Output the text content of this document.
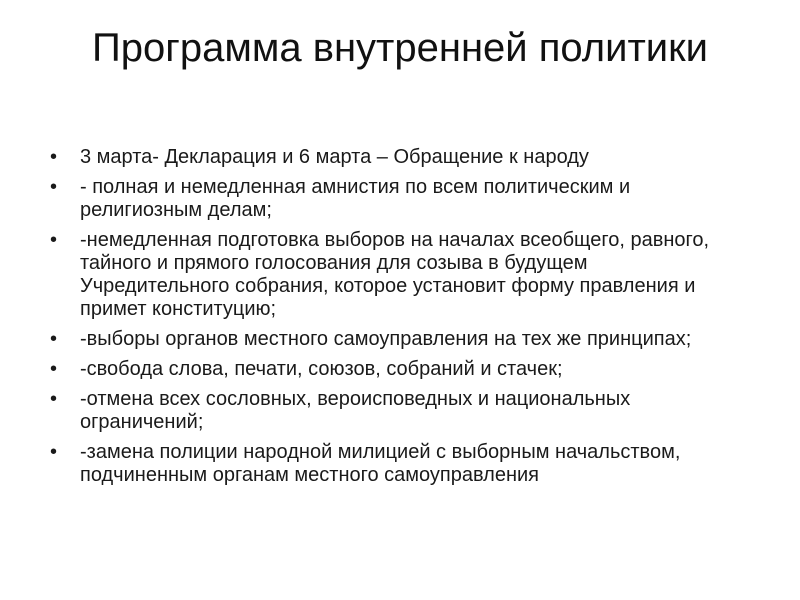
Программа внутренней политики
• 3 марта- Декларация и 6 марта – Обращение к народу
• - полная и немедленная амнистия по всем политическим и религиозным делам;
• -немедленная подготовка выборов на началах всеобщего, равного, тайного и прямого голосования для созыва в будущем Учредительного собрания, которое установит форму правления и примет конституцию;
• -выборы органов местного самоуправления на тех же принципах;
• -свобода слова, печати, союзов, собраний и стачек;
• -отмена всех сословных, вероисповедных и национальных ограничений;
• -замена полиции народной милицией с выборным начальством, подчиненным органам местного самоуправления
